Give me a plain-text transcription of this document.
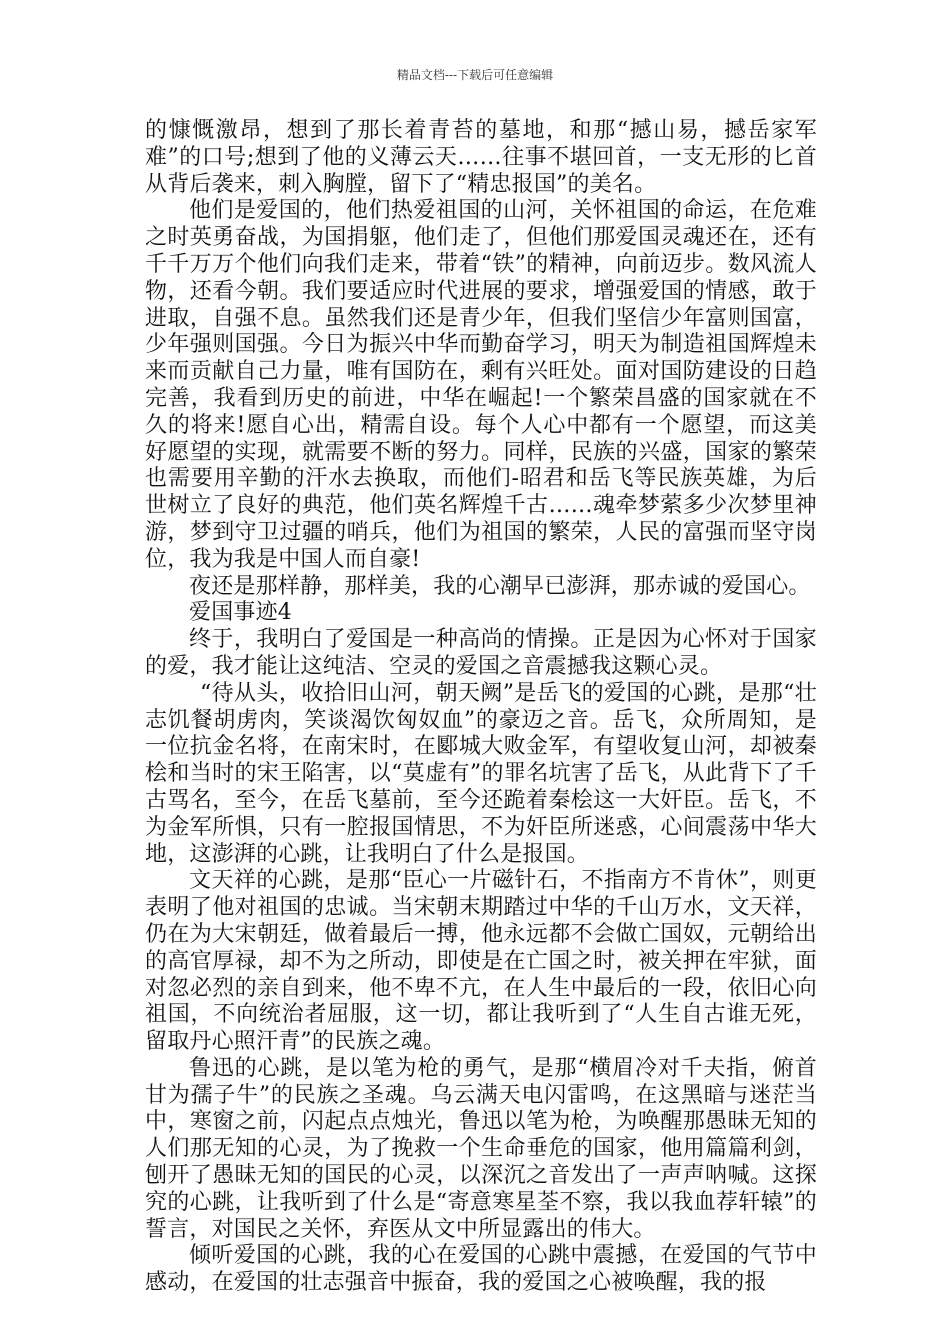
精品文档---下载后可任意编辑

的慷慨激昂，想到了那长着青苔的墓地，和那“撼山易，撼岳家军难”的口号;想到了他的义薄云天……往事不堪回首，一支无形的匕首从背后袭来，刺入胸膛，留下了“精忠报国”的美名。

他们是爱国的，他们热爱祖国的山河，关怀祖国的命运，在危难之时英勇奋战，为国捐躯，他们走了，但他们那爱国灵魂还在，还有千千万万个他们向我们走来，带着“铁”的精神，向前迈步。数风流人物，还看今朝。我们要适应时代进展的要求，增强爱国的情感，敢于进取，自强不息。虽然我们还是青少年，但我们坚信少年富则国富，少年强则国强。今日为振兴中华而勤奋学习，明天为制造祖国辉煌未来而贡献自己力量，唯有国防在，剩有兴旺处。面对国防建设的日趋完善，我看到历史的前进，中华在崛起!一个繁荣昌盛的国家就在不久的将来!愿自心出，精需自设。每个人心中都有一个愿望，而这美好愿望的实现，就需要不断的努力。同样，民族的兴盛，国家的繁荣也需要用辛勤的汗水去换取，而他们-昭君和岳飞等民族英雄，为后世树立了良好的典范，他们英名辉煌千古……魂牵梦萦多少次梦里神游，梦到守卫过疆的哨兵，他们为祖国的繁荣，人民的富强而坚守岗位，我为我是中国人而自豪!

夜还是那样静，那样美，我的心潮早已澎湃，那赤诚的爱国心。

爱国事迹4

终于，我明白了爱国是一种高尚的情操。正是因为心怀对于国家的爱，我才能让这纯洁、空灵的爱国之音震撼我这颗心灵。

“待从头，收拾旧山河，朝天阙”是岳飞的爱国的心跳，是那“壮志饥餐胡虏肉，笑谈渴饮匈奴血”的豪迈之音。岳飞，众所周知，是一位抗金名将，在南宋时，在郾城大败金军，有望收复山河，却被秦桧和当时的宋王陷害，以“莫虚有”的罪名坑害了岳飞，从此背下了千古骂名，至今，在岳飞墓前，至今还跪着秦桧这一大奸臣。岳飞，不为金军所惧，只有一腔报国情思，不为奸臣所迷惑，心间震荡中华大地，这澎湃的心跳，让我明白了什么是报国。

文天祥的心跳，是那“臣心一片磁针石，不指南方不肯休”，则更表明了他对祖国的忠诚。当宋朝末期踏过中华的千山万水，文天祥，仍在为大宋朝廷，做着最后一搏，他永远都不会做亡国奴，元朝给出的高官厚禄，却不为之所动，即使是在亡国之时，被关押在牢狱，面对忽必烈的亲自到来，他不卑不亢，在人生中最后的一段，依旧心向祖国，不向统治者屈服，这一切，都让我听到了“人生自古谁无死，留取丹心照汗青”的民族之魂。

鲁迅的心跳，是以笔为枪的勇气，是那“横眉冷对千夫指，俯首甘为孺子牛”的民族之圣魂。乌云满天电闪雷鸣，在这黑暗与迷茫当中，寒窗之前，闪起点点烛光，鲁迅以笔为枪，为唤醒那愚昧无知的人们那无知的心灵，为了挽救一个生命垂危的国家，他用篇篇利剑，刨开了愚昧无知的国民的心灵，以深沉之音发出了一声声呐喊。这探究的心跳，让我听到了什么是“寄意寒星荃不察，我以我血荐轩辕”的誓言，对国民之关怀，弃医从文中所显露出的伟大。

倾听爱国的心跳，我的心在爱国的心跳中震撼，在爱国的气节中感动，在爱国的壮志强音中振奋，我的爱国之心被唤醒，我的报
